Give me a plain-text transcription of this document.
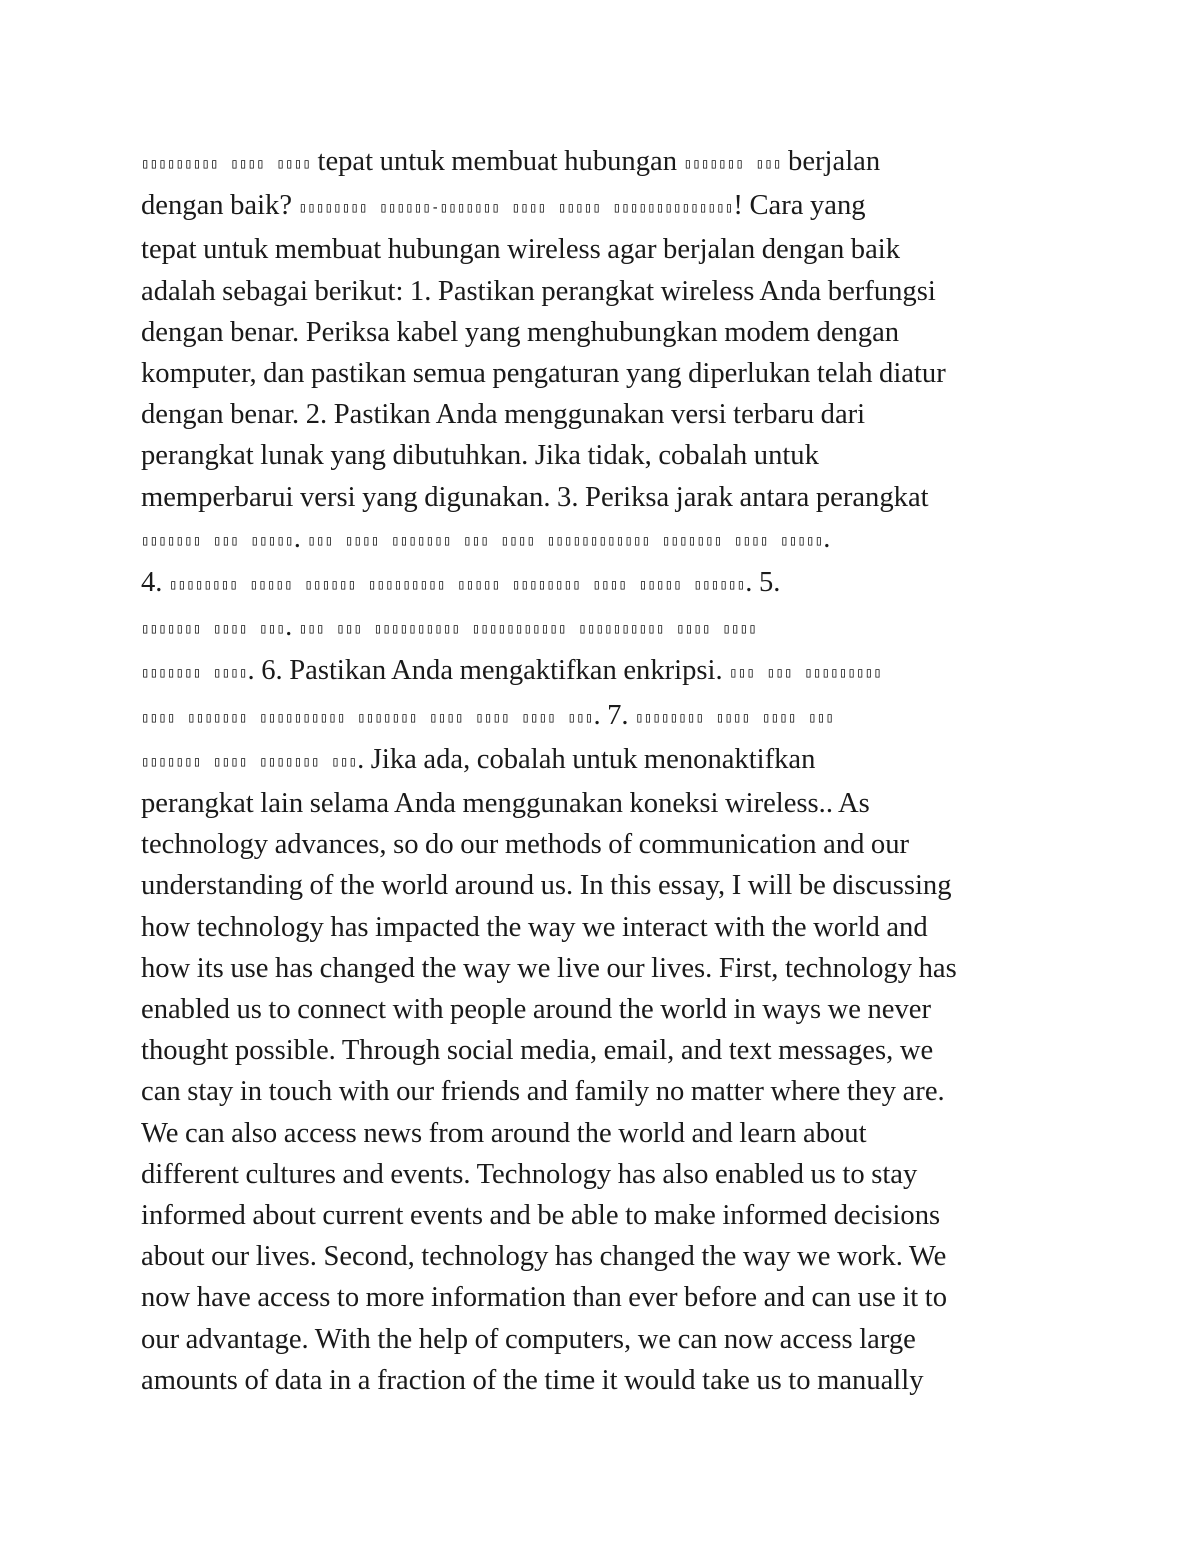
▯▯▯▯▯▯▯▯▯ ▯▯▯▯ ▯▯▯▯ tepat untuk membuat hubungan ▯▯▯▯▯▯▯ ▯▯▯ berjalan
dengan baik? ▯▯▯▯▯▯▯▯ ▯▯▯▯▯▯-▯▯▯▯▯▯▯ ▯▯▯▯ ▯▯▯▯▯ ▯▯▯▯▯▯▯▯▯▯▯▯▯▯! Cara yang
tepat untuk membuat hubungan wireless agar berjalan dengan baik
adalah sebagai berikut: 1. Pastikan perangkat wireless Anda berfungsi
dengan benar. Periksa kabel yang menghubungkan modem dengan
komputer, dan pastikan semua pengaturan yang diperlukan telah diatur
dengan benar. 2. Pastikan Anda menggunakan versi terbaru dari
perangkat lunak yang dibutuhkan. Jika tidak, cobalah untuk
memperbarui versi yang digunakan. 3. Periksa jarak antara perangkat
▯▯▯▯▯▯▯ ▯▯▯ ▯▯▯▯▯. ▯▯▯ ▯▯▯▯ ▯▯▯▯▯▯▯ ▯▯▯ ▯▯▯▯ ▯▯▯▯▯▯▯▯▯▯▯▯ ▯▯▯▯▯▯▯ ▯▯▯▯ ▯▯▯▯▯.
4. ▯▯▯▯▯▯▯▯ ▯▯▯▯▯ ▯▯▯▯▯▯ ▯▯▯▯▯▯▯▯▯ ▯▯▯▯▯ ▯▯▯▯▯▯▯▯ ▯▯▯▯ ▯▯▯▯▯ ▯▯▯▯▯▯. 5.
▯▯▯▯▯▯▯ ▯▯▯▯ ▯▯▯. ▯▯▯ ▯▯▯ ▯▯▯▯▯▯▯▯▯▯ ▯▯▯▯▯▯▯▯▯▯▯ ▯▯▯▯▯▯▯▯▯▯ ▯▯▯▯ ▯▯▯▯
▯▯▯▯▯▯▯ ▯▯▯▯. 6. Pastikan Anda mengaktifkan enkripsi. ▯▯▯ ▯▯▯ ▯▯▯▯▯▯▯▯▯
▯▯▯▯ ▯▯▯▯▯▯▯ ▯▯▯▯▯▯▯▯▯▯ ▯▯▯▯▯▯▯ ▯▯▯▯ ▯▯▯▯ ▯▯▯▯ ▯▯▯. 7. ▯▯▯▯▯▯▯▯ ▯▯▯▯ ▯▯▯▯ ▯▯▯
▯▯▯▯▯▯▯ ▯▯▯▯ ▯▯▯▯▯▯▯ ▯▯▯. Jika ada, cobalah untuk menonaktifkan
perangkat lain selama Anda menggunakan koneksi wireless.. As
technology advances, so do our methods of communication and our
understanding of the world around us. In this essay, I will be discussing
how technology has impacted the way we interact with the world and
how its use has changed the way we live our lives. First, technology has
enabled us to connect with people around the world in ways we never
thought possible. Through social media, email, and text messages, we
can stay in touch with our friends and family no matter where they are.
We can also access news from around the world and learn about
different cultures and events. Technology has also enabled us to stay
informed about current events and be able to make informed decisions
about our lives. Second, technology has changed the way we work. We
now have access to more information than ever before and can use it to
our advantage. With the help of computers, we can now access large
amounts of data in a fraction of the time it would take us to manually
